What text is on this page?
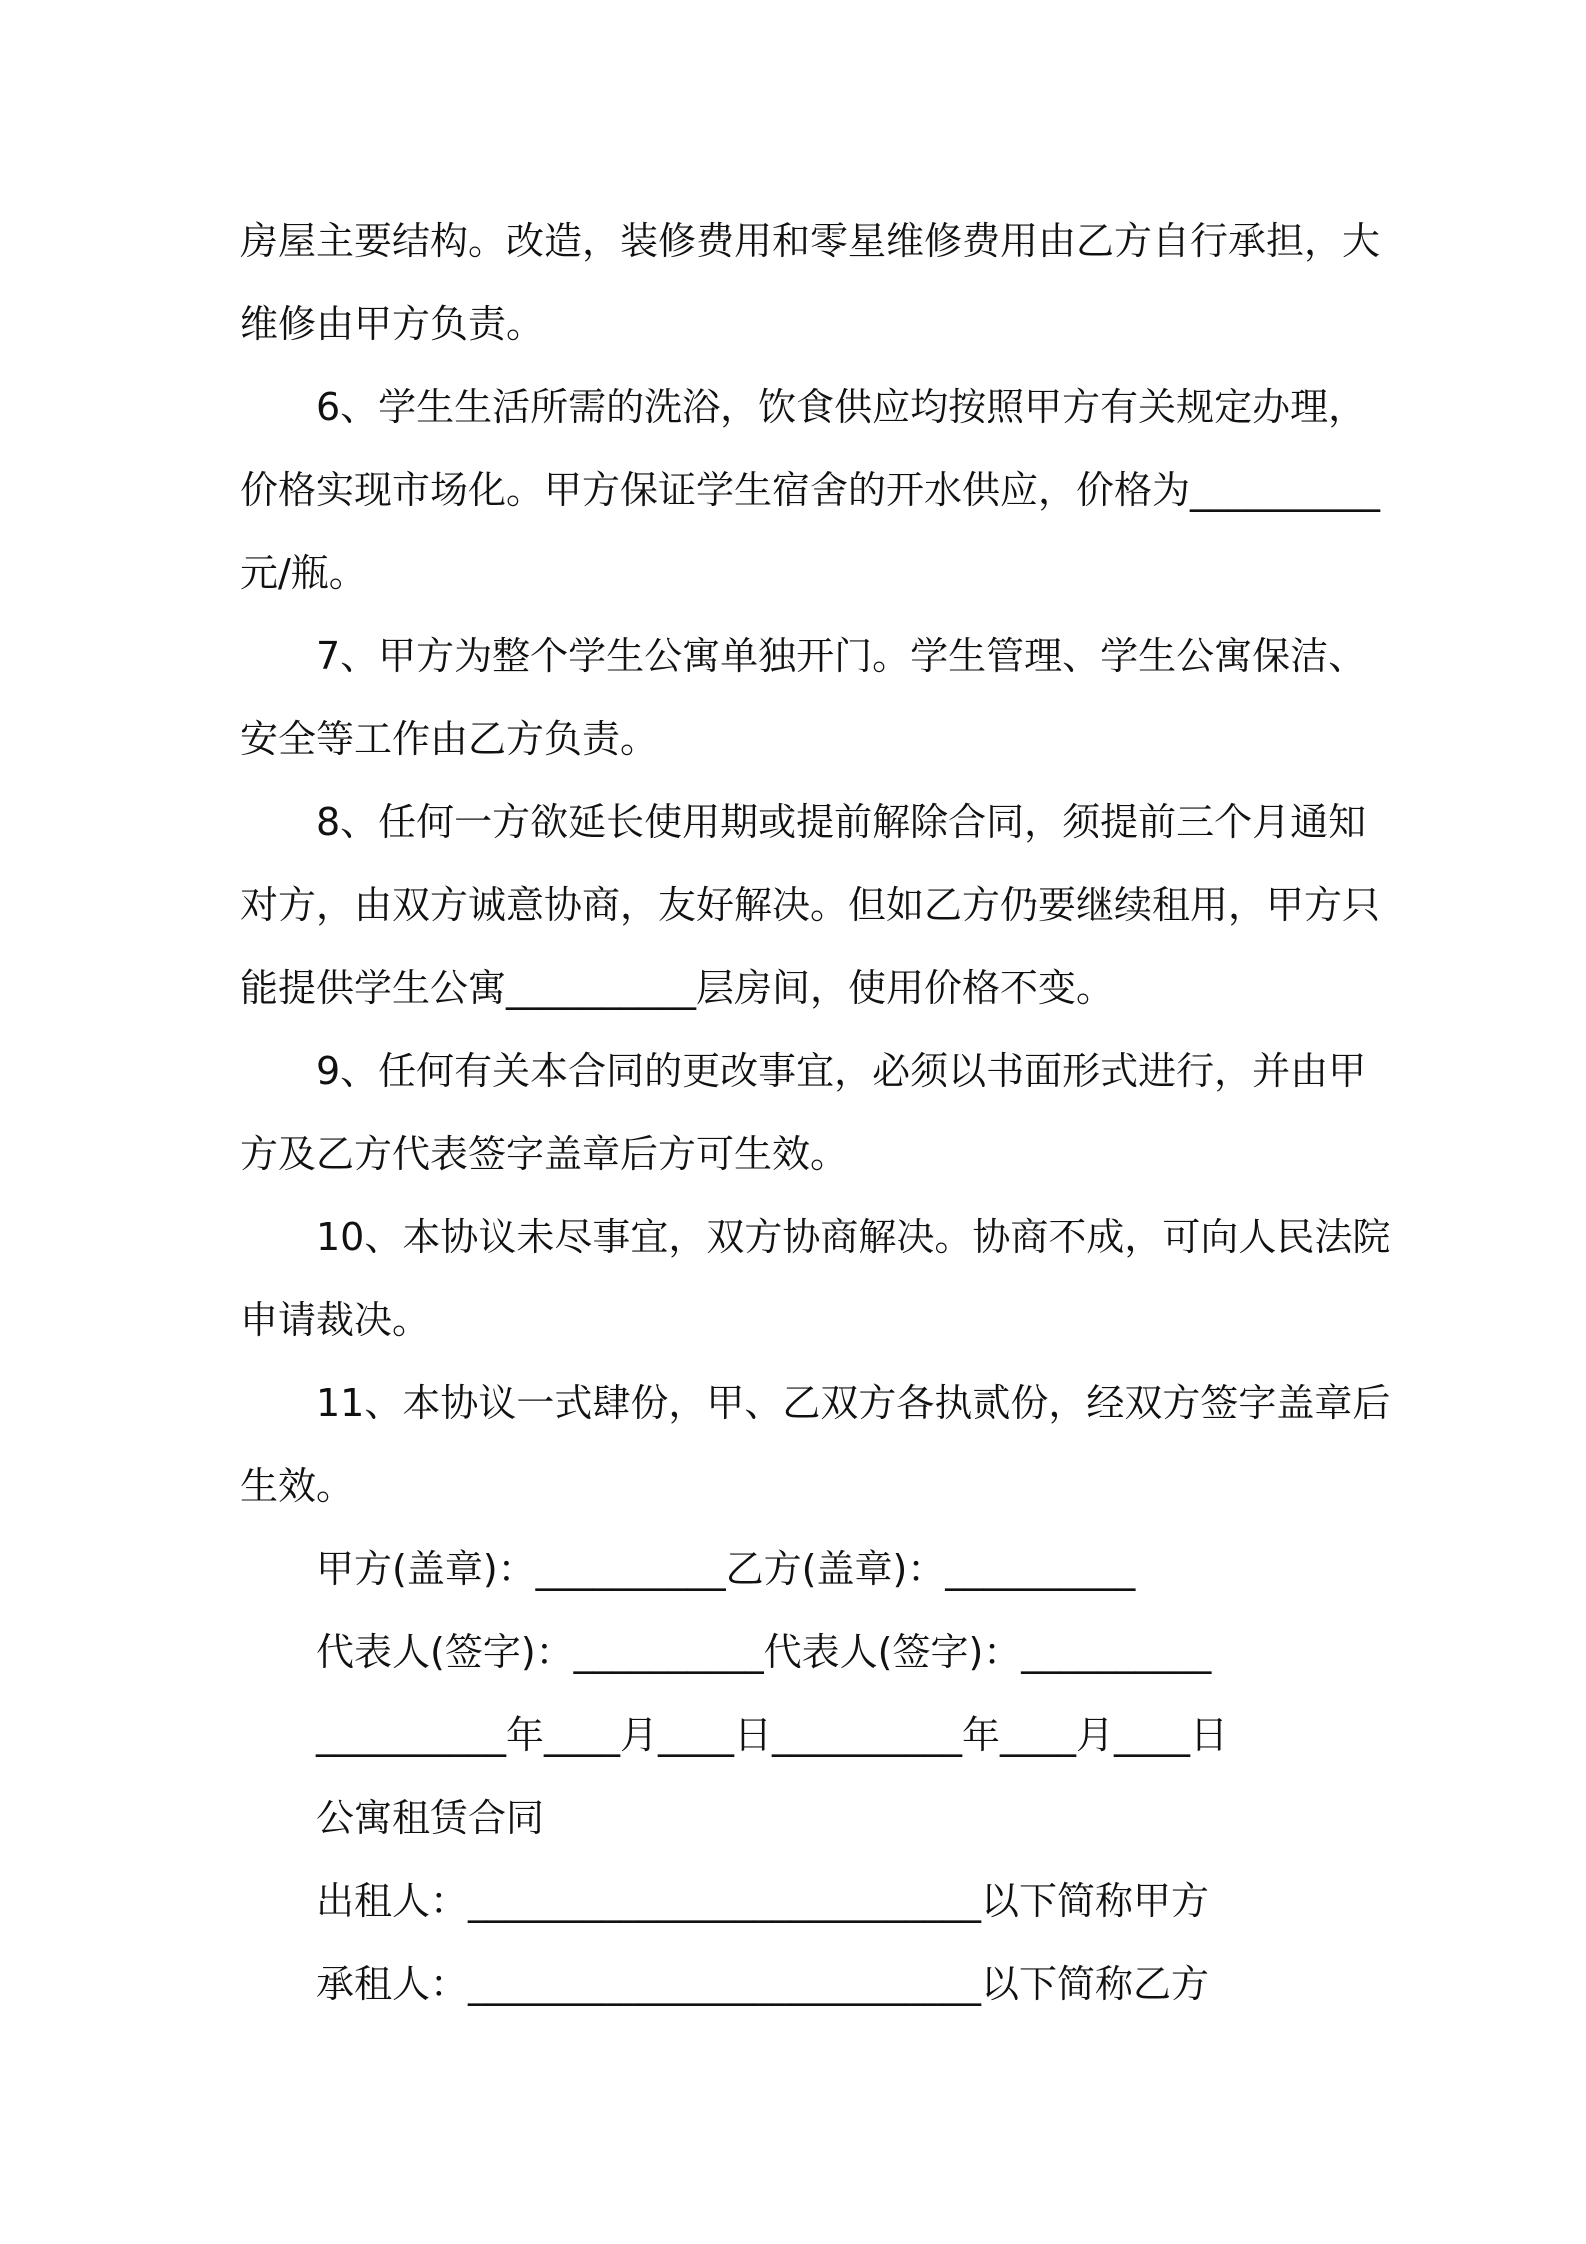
房屋主要结构。改造，装修费用和零星维修费用由乙方自行承担，大

维修由甲方负责。

6、学生生活所需的洗浴，饮食供应均按照甲方有关规定办理，

价格实现市场化。甲方保证学生宿舍的开水供应，价格为__________

元/瓶。

7、甲方为整个学生公寓单独开门。学生管理、学生公寓保洁、

安全等工作由乙方负责。

8、任何一方欲延长使用期或提前解除合同，须提前三个月通知

对方，由双方诚意协商，友好解决。但如乙方仍要继续租用，甲方只

能提供学生公寓__________层房间，使用价格不变。

9、任何有关本合同的更改事宜，必须以书面形式进行，并由甲

方及乙方代表签字盖章后方可生效。

10、本协议未尽事宜，双方协商解决。协商不成，可向人民法院

申请裁决。

11、本协议一式肆份，甲、乙双方各执贰份，经双方签字盖章后

生效。

甲方(盖章)：__________乙方(盖章)：__________

代表人(签字)：__________代表人(签字)：__________

__________年____月____日__________年____月____日

公寓租赁合同

出租人：___________________________以下简称甲方

承租人：___________________________以下简称乙方
